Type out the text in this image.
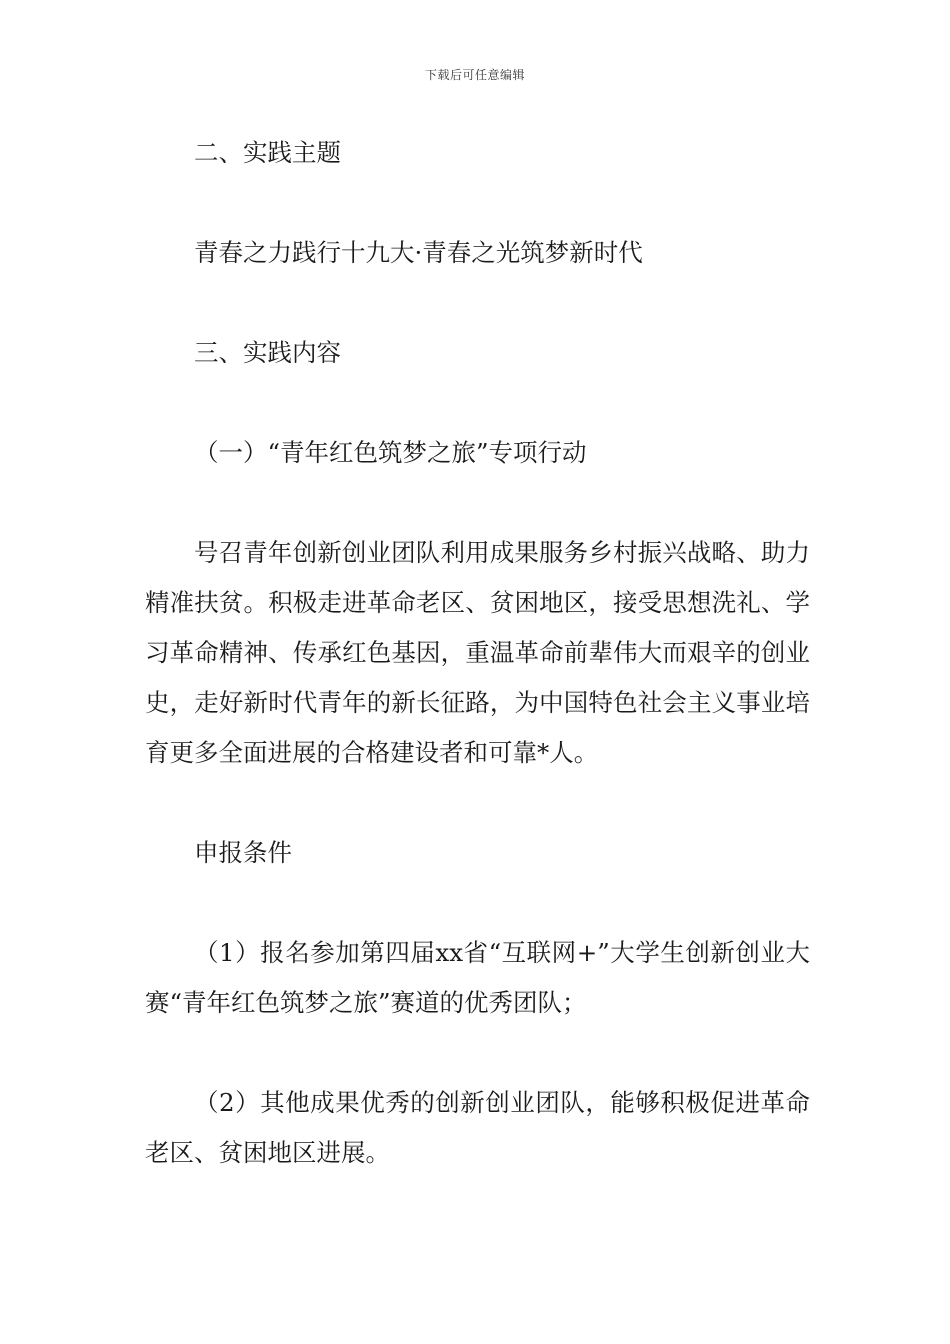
下载后可任意编辑

二、实践主题

青春之力践行十九大·青春之光筑梦新时代

三、实践内容

（一）“青年红色筑梦之旅”专项行动

号召青年创新创业团队利用成果服务乡村振兴战略、助力精准扶贫。积极走进革命老区、贫困地区，接受思想洗礼、学习革命精神、传承红色基因，重温革命前辈伟大而艰辛的创业史，走好新时代青年的新长征路，为中国特色社会主义事业培育更多全面进展的合格建设者和可靠*人。

申报条件

（1）报名参加第四届xx省“互联网+”大学生创新创业大赛“青年红色筑梦之旅”赛道的优秀团队；

（2）其他成果优秀的创新创业团队，能够积极促进革命老区、贫困地区进展。
